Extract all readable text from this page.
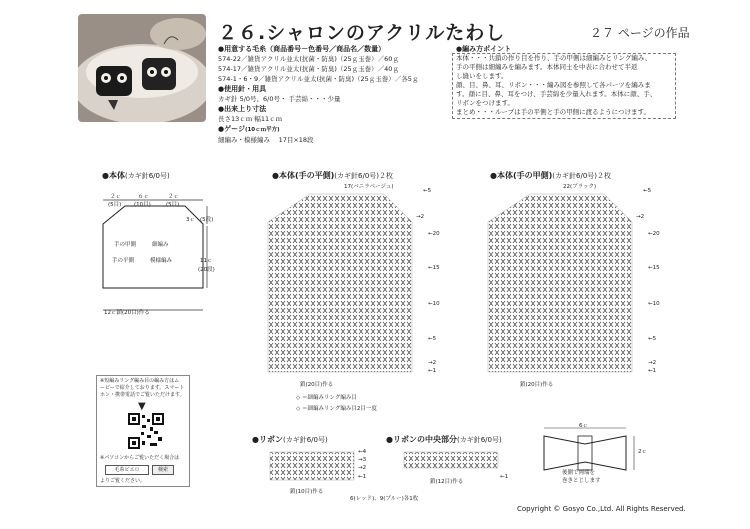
２６.シャロンのアクリルたわし	２７ ページの作品
●用意する毛糸（商品番号－色番号／商品名／数量）
574-22／雑貨アクリル並太(抗菌・防臭)（25ｇ玉巻）／60ｇ
574-17／雑貨アクリル並太(抗菌・防臭)（25ｇ玉巻）／40ｇ
574-1・6・9／雑貨アクリル並太(抗菌・防臭)（25ｇ玉巻）／各5ｇ
●使用針・用具
カギ針 5/0号、6/0号・ 手芸綿・・・少量
●出来上り寸法
長さ13ｃｍ 幅11ｃｍ
●ゲージ(10ｃｍ平方)
細編み・模様編み　 17目×18段
●編み方ポイント
本体・・・共鎖の作り目を作り、手の甲側は細編みとリング編み、
手の平側は細編みを編みます。本体同士を中表に合わせて半返
し縫いをします。
顔、目、鼻、耳、リボン・・・編み図を参照して各パーツを編みま
す。顔に目、鼻、耳をつけ、手芸綿を少量入れます。本体に顔、手、
リボンをつけます。
まとめ・・・ループは手の平側と手の甲側に渡るようにつけます。
●本体(カギ針6/0号)
２ｃ
(5目)
６ｃ
(10目)
２ｃ
(5目)
3ｃ (5段)
11ｃ
(20段)
手の甲側	細編み
手の平側	模様編み
12ｃ鎖(20目)作る
●本体(手の平側)(カギ針6/0号)２枚
17(バニラベージュ)
←5
→2
←20
←15
←10
←5
→2
←1
鎖(20目)作る
◇ ＝細編みリング編み目
◇ ＝細編みリング編み目2目一度
●本体(手の甲側)(カギ針6/0号)２枚
22(ブラック)
←5
→2
←20
←15
←10
←5
→2
←1
鎖(20目)作る
※短編みリング編み目の編み方はム
ービーで紹介しております。スマート
ホン・携帯電話でご覧いただけます。
▼
※パソコンからご覧いただく場合は
毛糸ピエロ	検索
よりご覧ください。
●リボン(カギ針6/0号)
←4
→3
→2
←1
鎖(10目)作る
●リボンの中央部分(カギ針6/0号)
←1
鎖(12目)作る
6(レッド)、9(ブルー)各1枚
6ｃ
2ｃ
後側で両端を
巻きとじします
Copyright © Gosyo Co.,Ltd. All Rights Reserved.
